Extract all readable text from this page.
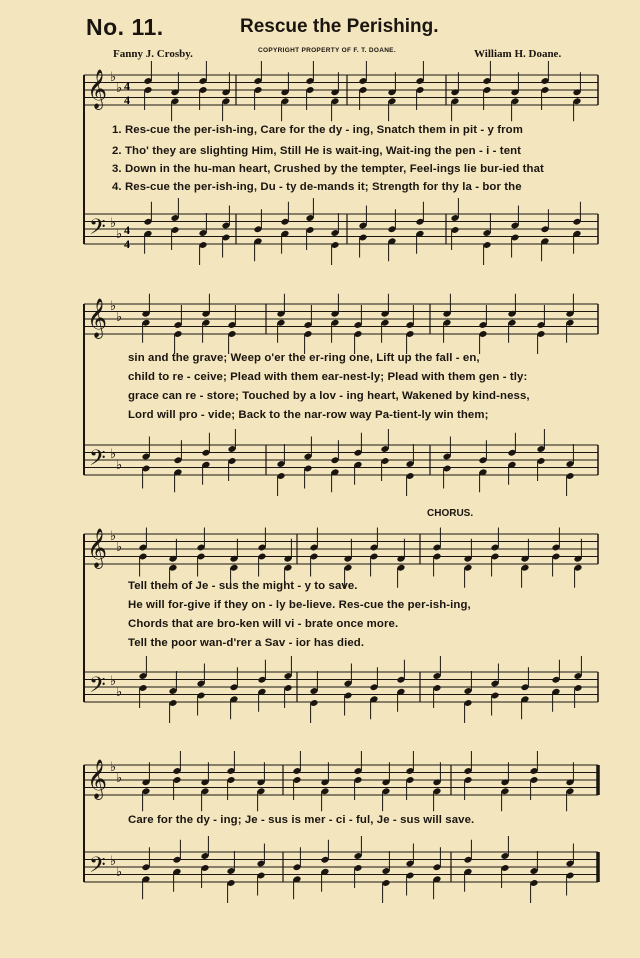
No. 11.	Rescue the Perishing.
Fanny J. Crosby.	COPYRIGHT PROPERTY OF F. T. DOANE.	William H. Doane.
CHORUS.
𝄞
𝄢
♭
♭
♭
♭
𝄞
𝄢
♭
♭
♭
♭
𝄞
𝄢
♭
♭
♭
♭
𝄞
𝄢
♭
♭
♭
♭
4
4
4
4
1. Res-cue the per-ish-ing, Care for the dy - ing, Snatch them in pit - y from
2. Tho' they are slighting Him, Still He is wait-ing, Wait-ing the pen - i - tent
3. Down in the hu-man heart, Crushed by the tempter, Feel-ings lie bur-ied that
4. Res-cue the per-ish-ing, Du - ty de-mands it; Strength for thy la - bor the
sin and the grave; Weep o'er the er-ring one, Lift up the fall - en,
child to re - ceive; Plead with them ear-nest-ly; Plead with them gen - tly:
grace can re - store; Touched by a lov - ing heart, Wakened by kind-ness,
Lord will pro - vide; Back to the nar-row way Pa-tient-ly win them;
Tell them of Je - sus the might - y to save.
He will for-give if they on - ly be-lieve. Res-cue the per-ish-ing,
Chords that are bro-ken will vi - brate once more.
Tell the poor wan-d'rer a Sav - ior has died.
Care for the dy - ing; Je - sus is mer - ci - ful, Je - sus will save.
